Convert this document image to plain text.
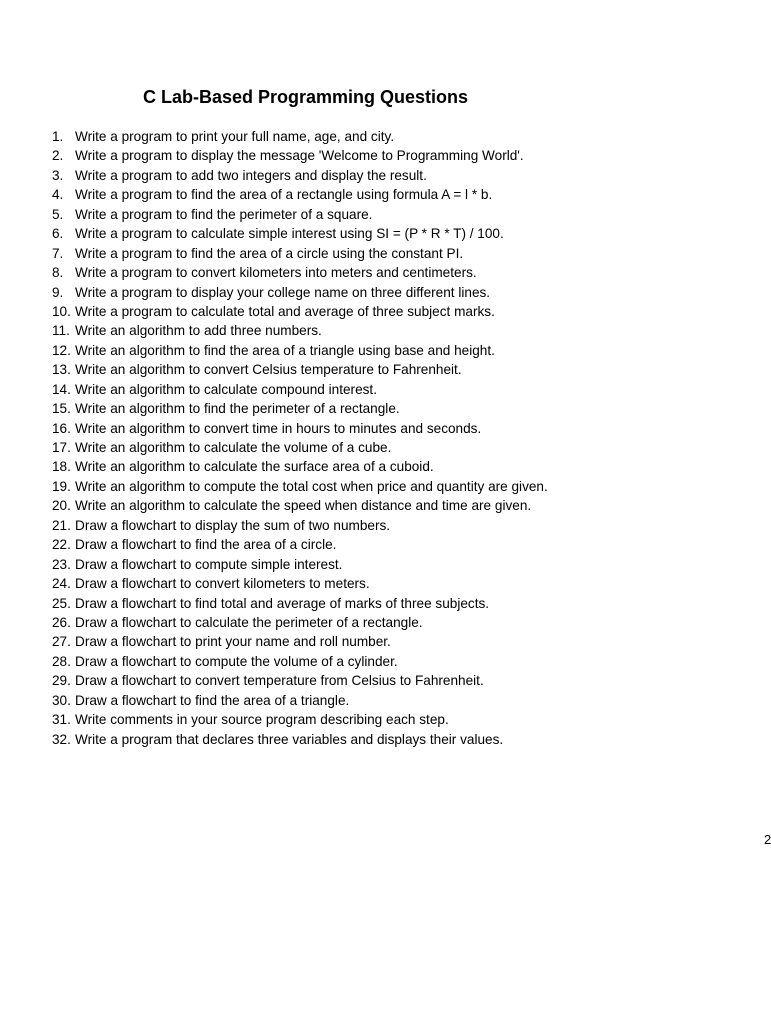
C Lab-Based Programming Questions
1. Write a program to print your full name, age, and city.
2. Write a program to display the message 'Welcome to Programming World'.
3. Write a program to add two integers and display the result.
4. Write a program to find the area of a rectangle using formula A = l * b.
5. Write a program to find the perimeter of a square.
6. Write a program to calculate simple interest using SI = (P * R * T) / 100.
7. Write a program to find the area of a circle using the constant PI.
8. Write a program to convert kilometers into meters and centimeters.
9. Write a program to display your college name on three different lines.
10. Write a program to calculate total and average of three subject marks.
11. Write an algorithm to add three numbers.
12. Write an algorithm to find the area of a triangle using base and height.
13. Write an algorithm to convert Celsius temperature to Fahrenheit.
14. Write an algorithm to calculate compound interest.
15. Write an algorithm to find the perimeter of a rectangle.
16. Write an algorithm to convert time in hours to minutes and seconds.
17. Write an algorithm to calculate the volume of a cube.
18. Write an algorithm to calculate the surface area of a cuboid.
19. Write an algorithm to compute the total cost when price and quantity are given.
20. Write an algorithm to calculate the speed when distance and time are given.
21. Draw a flowchart to display the sum of two numbers.
22. Draw a flowchart to find the area of a circle.
23. Draw a flowchart to compute simple interest.
24. Draw a flowchart to convert kilometers to meters.
25. Draw a flowchart to find total and average of marks of three subjects.
26. Draw a flowchart to calculate the perimeter of a rectangle.
27. Draw a flowchart to print your name and roll number.
28. Draw a flowchart to compute the volume of a cylinder.
29. Draw a flowchart to convert temperature from Celsius to Fahrenheit.
30. Draw a flowchart to find the area of a triangle.
31. Write comments in your source program describing each step.
32. Write a program that declares three variables and displays their values.
2
